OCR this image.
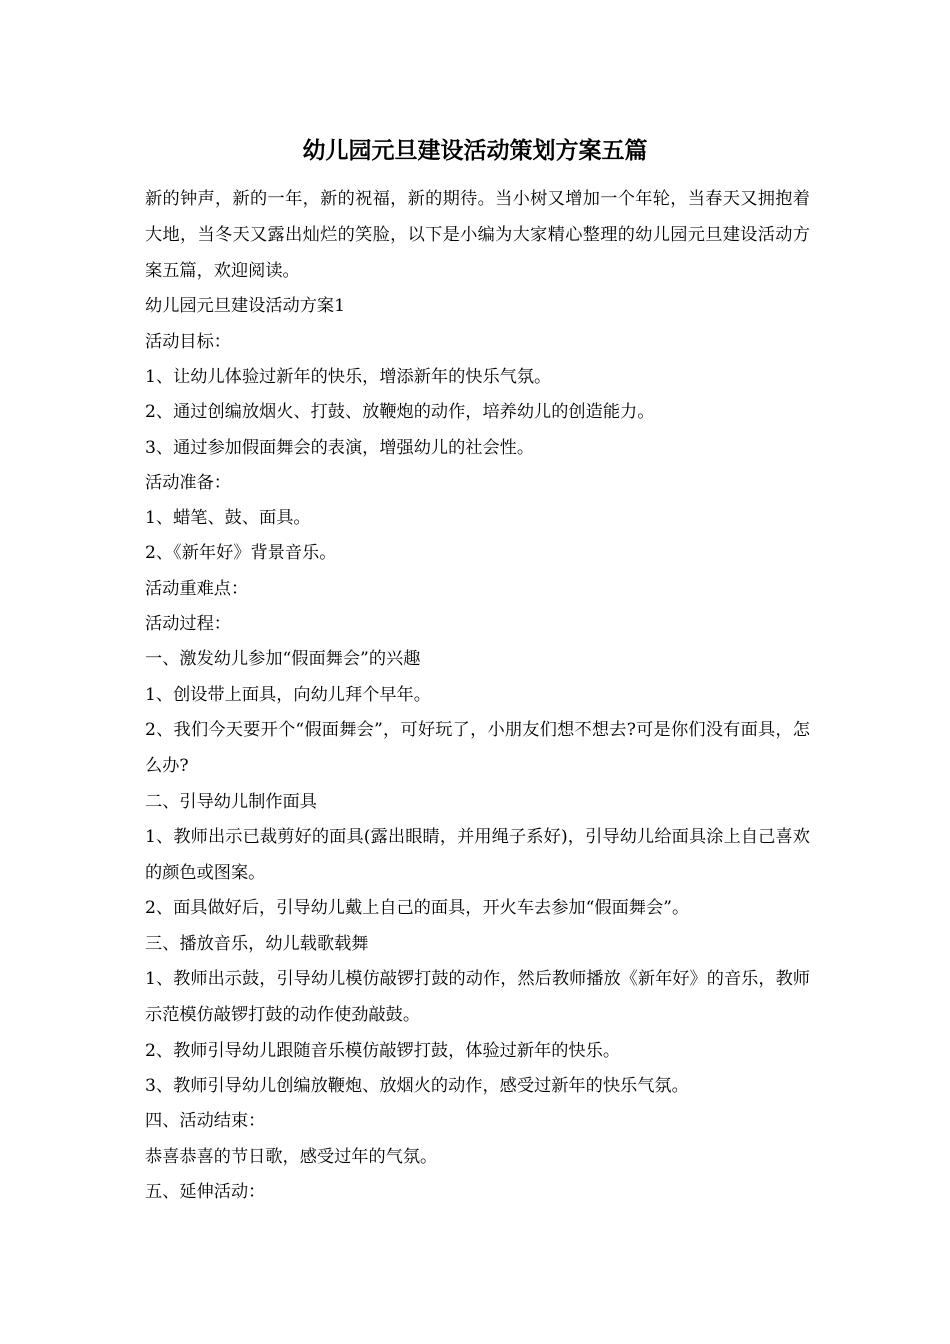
幼儿园元旦建设活动策划方案五篇

新的钟声，新的一年，新的祝福，新的期待。当小树又增加一个年轮，当春天又拥抱着大地，当冬天又露出灿烂的笑脸，以下是小编为大家精心整理的幼儿园元旦建设活动方案五篇，欢迎阅读。

幼儿园元旦建设活动方案1

活动目标：

1、让幼儿体验过新年的快乐，增添新年的快乐气氛。

2、通过创编放烟火、打鼓、放鞭炮的动作，培养幼儿的创造能力。

3、通过参加假面舞会的表演，增强幼儿的社会性。

活动准备：

1、蜡笔、鼓、面具。

2、《新年好》背景音乐。

活动重难点：

活动过程：

一、激发幼儿参加“假面舞会”的兴趣

1、创设带上面具，向幼儿拜个早年。

2、我们今天要开个“假面舞会”，可好玩了，小朋友们想不想去?可是你们没有面具，怎么办?

二、引导幼儿制作面具

1、教师出示已裁剪好的面具(露出眼睛，并用绳子系好)，引导幼儿给面具涂上自己喜欢的颜色或图案。

2、面具做好后，引导幼儿戴上自己的面具，开火车去参加“假面舞会”。

三、播放音乐，幼儿载歌载舞

1、教师出示鼓，引导幼儿模仿敲锣打鼓的动作，然后教师播放《新年好》的音乐，教师示范模仿敲锣打鼓的动作使劲敲鼓。

2、教师引导幼儿跟随音乐模仿敲锣打鼓，体验过新年的快乐。

3、教师引导幼儿创编放鞭炮、放烟火的动作，感受过新年的快乐气氛。

四、活动结束：

恭喜恭喜的节日歌，感受过年的气氛。

五、延伸活动：
